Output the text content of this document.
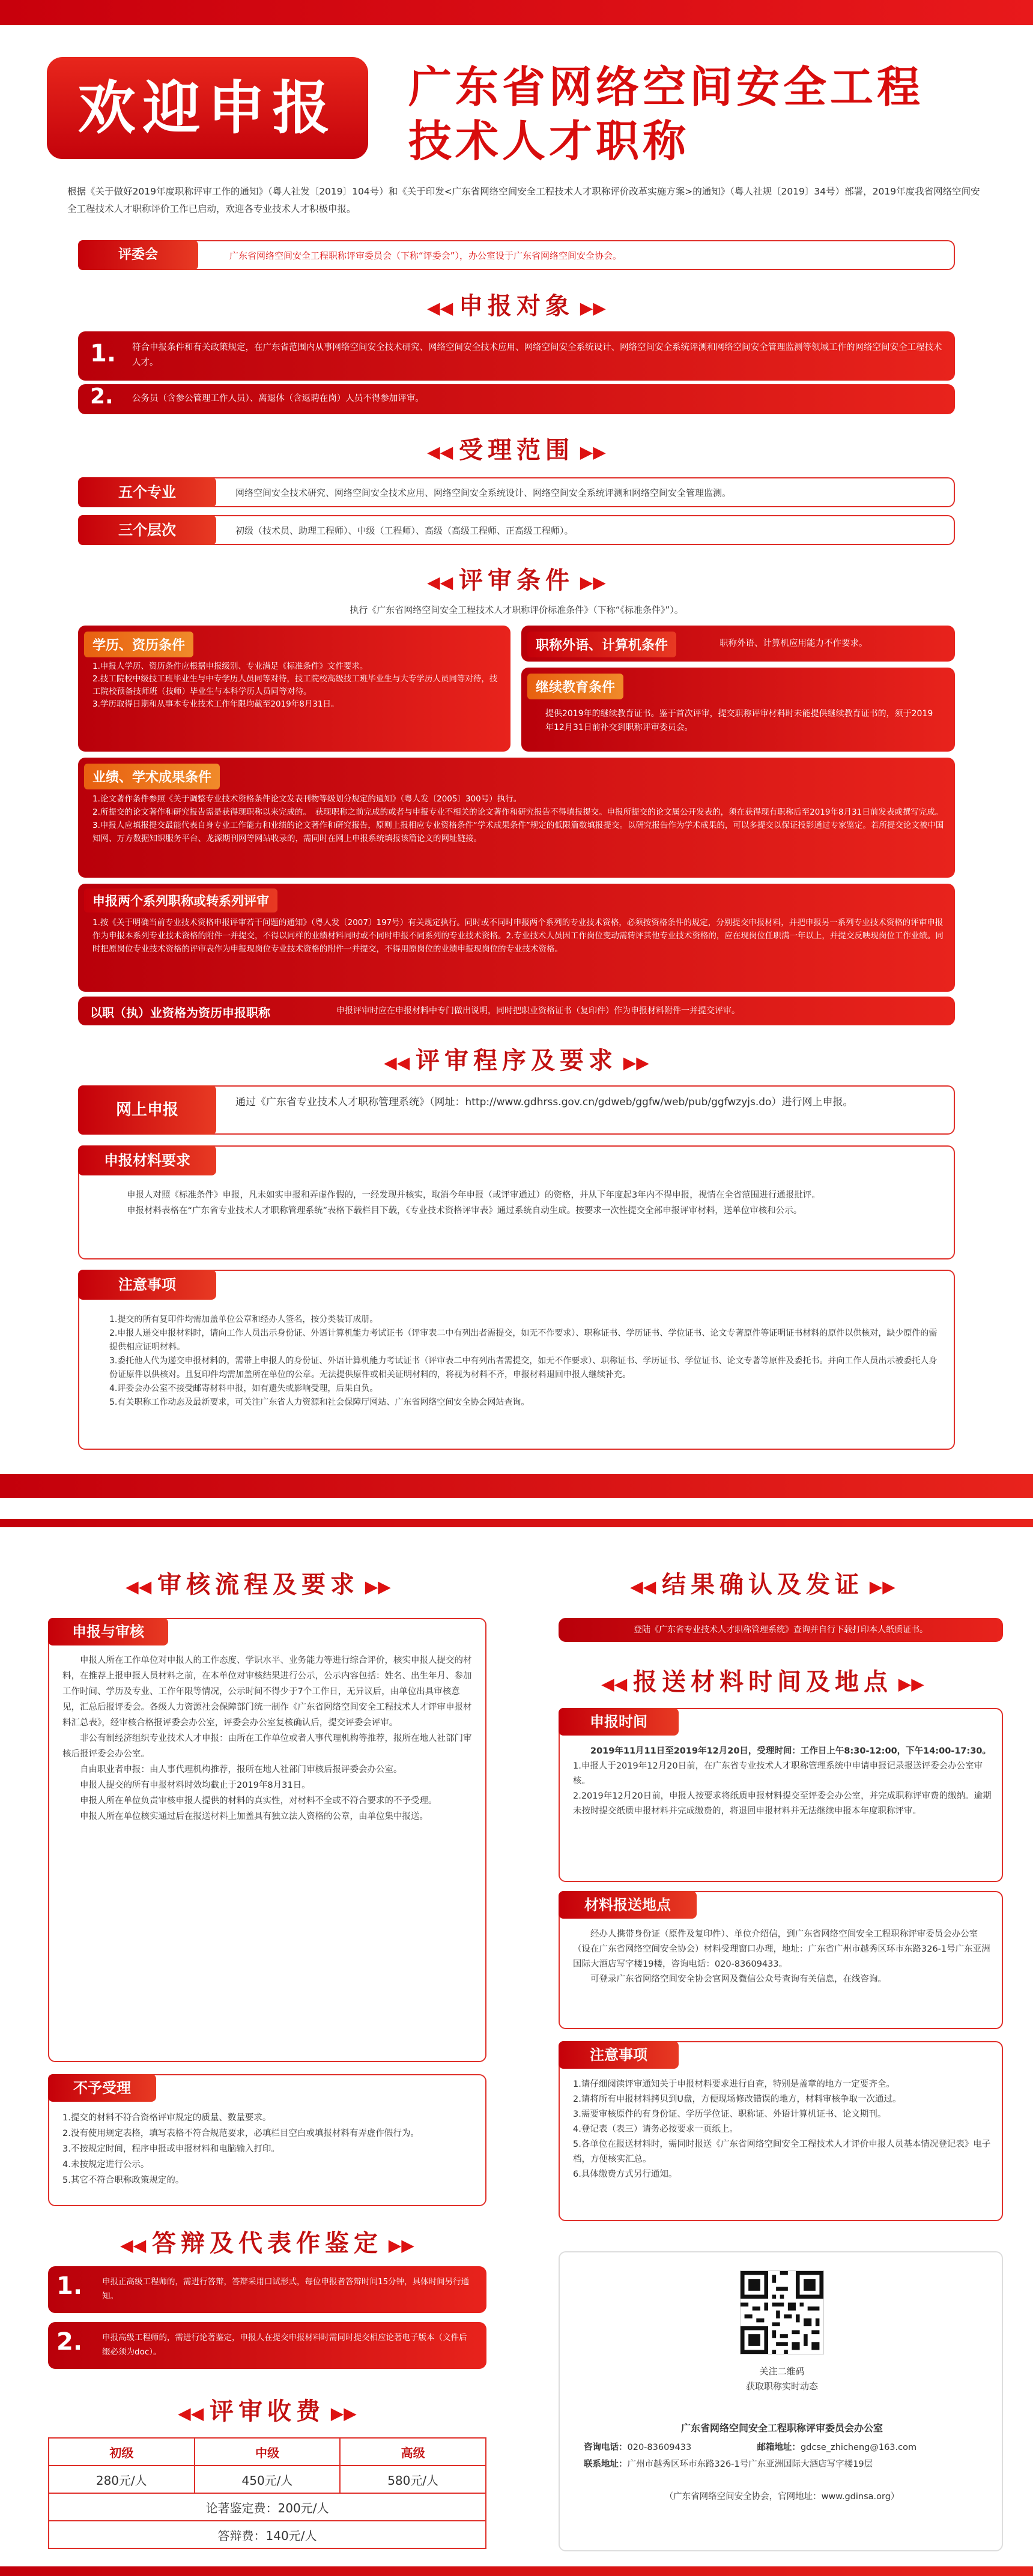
欢迎申报	广东省网络空间安全工程
技术人才职称
根据《关于做好2019年度职称评审工作的通知》（粤人社发〔2019〕104号）和《关于印发<广东省网络空间安全工程技术人才职称评价改革实施方案>的通知》（粤人社规〔2019〕34号）部署，2019年度我省网络空间安全工程技术人才职称评价工作已启动，欢迎各专业技术人才积极申报。
广东省网络空间安全工程职称评审委员会（下称“评委会”），办公室设于广东省网络空间安全协会。
评委会
◀◀ 申报对象 ▶▶
1. 符合申报条件和有关政策规定，在广东省范围内从事网络空间安全技术研究、网络空间安全技术应用、网络空间安全系统设计、网络空间安全系统评测和网络空间安全管理监测等领域工作的网络空间安全工程技术人才。
2. 公务员（含参公管理工作人员）、离退休（含返聘在岗）人员不得参加评审。
◀◀ 受理范围 ▶▶
网络空间安全技术研究、网络空间安全技术应用、网络空间安全系统设计、网络空间安全系统评测和网络空间安全管理监测。
五个专业
初级（技术员、助理工程师）、中级（工程师）、高级（高级工程师、正高级工程师）。
三个层次
◀◀ 评审条件 ▶▶
执行《广东省网络空间安全工程技术人才职称评价标准条件》（下称“《标准条件》”）。
学历、资历条件
1.申报人学历、资历条件应根据申报级别、专业满足《标准条件》文件要求。
2.技工院校中级技工班毕业生与中专学历人员同等对待，技工院校高级技工班毕业生与大专学历人员同等对待，技工院校预备技师班（技师）毕业生与本科学历人员同等对待。
3.学历取得日期和从事本专业技术工作年限均截至2019年8月31日。
职称外语、计算机条件	职称外语、计算机应用能力不作要求。
继续教育条件
提供2019年的继续教育证书。鉴于首次评审，提交职称评审材料时未能提供继续教育证书的，须于2019年12月31日前补交到职称评审委员会。
业绩、学术成果条件
1.论文著作条件参照《关于调整专业技术资格条件论文发表刊物等级划分规定的通知》（粤人发〔2005〕300号）执行。
2.所提交的论文著作和研究报告需是获得现职称以来完成的。　获现职称之前完成的或者与申报专业不相关的论文著作和研究报告不得填报提交。申报所提交的论文属公开发表的，须在获得现有职称后至2019年8月31日前发表或撰写完成。
3.申报人应填报提交最能代表自身专业工作能力和业绩的论文著作和研究报告，原则上报相应专业资格条件“学术成果条件”规定的低限篇数填报提交。以研究报告作为学术成果的，可以多提交以保证投影通过专家鉴定。若所提交论文被中国知网、万方数据知识服务平台、龙源期刊网等网站收录的，需同时在网上申报系统填报该篇论文的网址链接。
申报两个系列职称或转系列评审
1.按《关于明确当前专业技术资格申报评审若干问题的通知》（粤人发〔2007〕197号）有关规定执行。同时或不同时申报两个系列的专业技术资格，必须按资格条件的规定，分别提交申报材料，并把申报另一系列专业技术资格的评审申报作为申报本系列专业技术资格的附件一并提交，不得以同样的业绩材料同时或不同时申报不同系列的专业技术资格。2.专业技术人员因工作岗位变动需转评其他专业技术资格的，应在现岗位任职满一年以上，并提交反映现岗位工作业绩。同时把原岗位专业技术资格的评审表作为申报现岗位专业技术资格的附件一并提交，不得用原岗位的业绩申报现岗位的专业技术资格。
以职（执）业资格为资历申报职称	申报评审时应在申报材料中专门做出说明，同时把职业资格证书（复印件）作为申报材料附件一并提交评审。
◀◀ 评审程序及要求 ▶▶
通过《广东省专业技术人才职称管理系统》（网址：http://www.gdhrss.gov.cn/gdweb/ggfw/web/pub/ggfwzyjs.do）进行网上申报。
网上申报
申报人对照《标准条件》申报，凡未如实申报和弄虚作假的，一经发现并核实，取消今年申报（或评审通过）的资格，并从下年度起3年内不得申报，视情在全省范围进行通报批评。
申报材料表格在“广东省专业技术人才职称管理系统”表格下载栏目下载，《专业技术资格评审表》通过系统自动生成。按要求一次性提交全部申报评审材料，送单位审核和公示。
申报材料要求
1.提交的所有复印件均需加盖单位公章和经办人签名，按分类装订成册。
2.申报人递交申报材料时，请向工作人员出示身份证、外语计算机能力考试证书（评审表二中有列出者需提交，如无不作要求）、职称证书、学历证书、学位证书、论文专著原件等证明证书材料的原件以供核对，缺少原件的需提供相应证明材料。
3.委托他人代为递交申报材料的，需带上申报人的身份证、外语计算机能力考试证书（评审表二中有列出者需提交，如无不作要求）、职称证书、学历证书、学位证书、论文专著等原件及委托书。并向工作人员出示被委托人身份证原件以供核对。且复印件均需加盖所在单位的公章。无法提供原件或相关证明材料的，将视为材料不齐，申报材料退回申报人继续补充。
4.评委会办公室不接受邮寄材料申报，如有遗失或影响受理，后果自负。
5.有关职称工作动态及最新要求，可关注广东省人力资源和社会保障厅网站、广东省网络空间安全协会网站查询。
注意事项
◀◀ 审核流程及要求 ▶▶
申报人所在工作单位对申报人的工作态度、学识水平、业务能力等进行综合评价，核实申报人提交的材料，在推荐上报申报人员材料之前，在本单位对审核结果进行公示，公示内容包括：姓名、出生年月、参加工作时间、学历及专业、工作年限等情况，公示时间不得少于7个工作日，无异议后，由单位出具审核意见，汇总后报评委会。各级人力资源社会保障部门统一制作《广东省网络空间安全工程技术人才评审申报材料汇总表》，经审核合格报评委会办公室，评委会办公室复核确认后，提交评委会评审。
非公有制经济组织专业技术人才申报：由所在工作单位或者人事代理机构等推荐，报所在地人社部门审核后报评委会办公室。
自由职业者申报：由人事代理机构推荐，报所在地人社部门审核后报评委会办公室。
申报人提交的所有申报材料时效均截止于2019年8月31日。
申报人所在单位负责审核申报人提供的材料的真实性，对材料不全或不符合要求的不予受理。
申报人所在单位核实通过后在报送材料上加盖具有独立法人资格的公章，由单位集中报送。
申报与审核
1.提交的材料不符合资格评审规定的质量、数量要求。
2.没有使用规定表格，填写表格不符合规范要求，必填栏目空白或填报材料有弄虚作假行为。
3.不按规定时间，程序申报或申报材料和电脑输入打印。
4.未按规定进行公示。
5.其它不符合职称政策规定的。
不予受理
◀◀ 答辩及代表作鉴定 ▶▶
1. 申报正高级工程师的，需进行答辩，答辩采用口试形式，每位申报者答辩时间15分钟，具体时间另行通知。
2. 申报高级工程师的，需进行论著鉴定，申报人在提交申报材料时需同时提交相应论著电子版本（文件后缀必须为doc）。
◀◀ 评审收费 ▶▶
初级	中级	高级
280元/人	450元/人	580元/人
论著鉴定费：200元/人		
答辩费：140元/人		
◀◀ 结果确认及发证 ▶▶
登陆《广东省专业技术人才职称管理系统》查询并自行下载打印本人纸质证书。
◀◀ 报送材料时间及地点 ▶▶
2019年11月11日至2019年12月20日，受理时间：工作日上午8:30-12:00，下午14:00-17:30。
1.申报人于2019年12月20日前，在广东省专业技术人才职称管理系统中申请申报记录报送评委会办公室审核。
2.2019年12月20日前，申报人按要求将纸质申报材料提交至评委会办公室，并完成职称评审费的缴纳。逾期未按时提交纸质申报材料并完成缴费的，将退回申报材料并无法继续申报本年度职称评审。
申报时间
经办人携带身份证（原件及复印件）、单位介绍信，到广东省网络空间安全工程职称评审委员会办公室（设在广东省网络空间安全协会）材料受理窗口办理，地址：广东省广州市越秀区环市东路326-1号广东亚洲国际大酒店写字楼19楼，咨询电话：020-83609433。
可登录广东省网络空间安全协会官网及微信公众号查询有关信息，在线咨询。
材料报送地点
1.请仔细阅读评审通知关于申报材料要求进行自查，特别是盖章的地方一定要齐全。
2.请将所有申报材料拷贝到U盘，方便现场修改错误的地方，材料审核争取一次通过。
3.需要审核原件的有身份证、学历学位证、职称证、外语计算机证书、论文期刊。
4.登记表（表三）请务必按要求一页纸上。
5.各单位在报送材料时，需同时报送《广东省网络空间安全工程技术人才评价申报人员基本情况登记表》电子档，方便核实汇总。
6.具体缴费方式另行通知。
注意事项
关注二维码
获取职称实时动态
广东省网络空间安全工程职称评审委员会办公室
咨询电话：020-83609433	邮箱地址：gdcse_zhicheng@163.com
联系地址：广州市越秀区环市东路326-1号广东亚洲国际大酒店写字楼19层
（广东省网络空间安全协会，官网地址：www.gdinsa.org）
